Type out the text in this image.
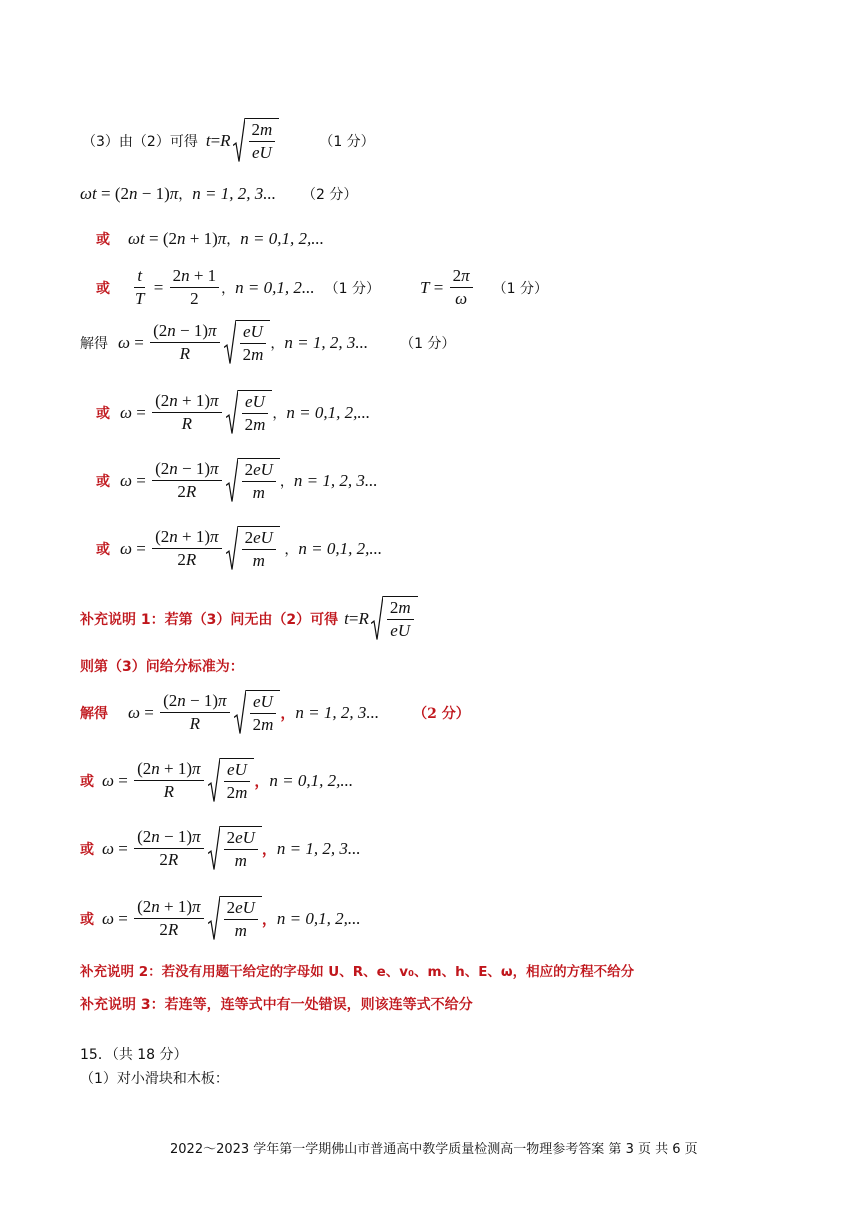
（3）由（2）可得 t = R $\frac{2m}{eU}$	（1 分）
ωt = (2 n − 1) π ， n = 1, 2, 3... （2 分）
或 ωt = (2 n + 1) π ， n = 0,1, 2,...
或 $\frac{t}{T} = \frac{2n + 1}{2}$ ， n = 0,1, 2... （1 分） $T = \frac{2\pi}{\omega} (1$ 分）
解得 $\omega = \frac{(2n - 1)\pi}{R} \frac{eU}{2m}$ ， n = 1, 2, 3... （1 分）
或 $\omega = \frac{(2n + 1)\pi}{R} \frac{eU}{2m}$ ， n = 0,1, 2,...
或 $\omega = \frac{(2n - 1)\pi}{2R} \frac{2eU}{m}$ ， n = 1, 2, 3...
或 $\omega = \frac{(2n + 1)\pi}{2R} \frac{2eU}{m}$ ， n = 0,1, 2,...
补充说明 1：若第（3）问无由（2）可得 t = R $\frac{2m}{eU}$
则第（3）问给分标准为：
解得 $\omega = \frac{(2n - 1)\pi}{R} \frac{eU}{2m}$ ， n = 1, 2, 3... （2 分）
或 $\omega = \frac{(2n + 1)\pi}{R} \frac{eU}{2m}$ ， n = 0,1, 2,...
或 $\omega = \frac{(2n - 1)\pi}{2R} \frac{2eU}{m}$ ， n = 1, 2, 3...
或 $\omega = \frac{(2n + 1)\pi}{2R} \frac{2eU}{m}$ ， n = 0,1, 2,...
补充说明 2：若没有用题干给定的字母如 U、R、e、v₀、m、h、E、ω，相应的方程不给分
补充说明 3：若连等，连等式中有一处错误，则该连等式不给分
15．（共 18 分）
（1）对小滑块和木板：
2022～2023 学年第一学期佛山市普通高中教学质量检测高一物理参考答案 第 3 页 共 6 页
